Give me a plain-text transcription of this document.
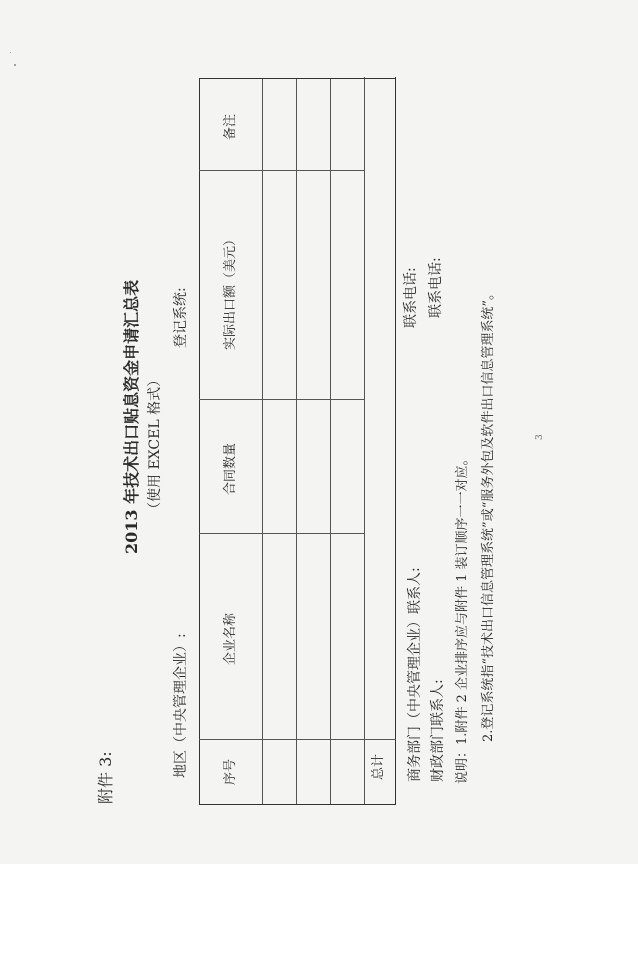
附件 3:
2013 年技术出口贴息资金申请汇总表 （使用 EXCEL 格式）
地区（中央管理企业）:
登记系统:
序号
企业名称
合同数量
实际出口额（美元）
备注
总计 商务部门（中央管理企业）联系人:
联系电话:
财政部门联系人:
联系电话:
说明：1.附件 2 企业排序应与附件 1 装订顺序一一对应。 2.登记系统指“技术出口信息管理系统”或“服务外包及软件出口信息管理系统”。	3
